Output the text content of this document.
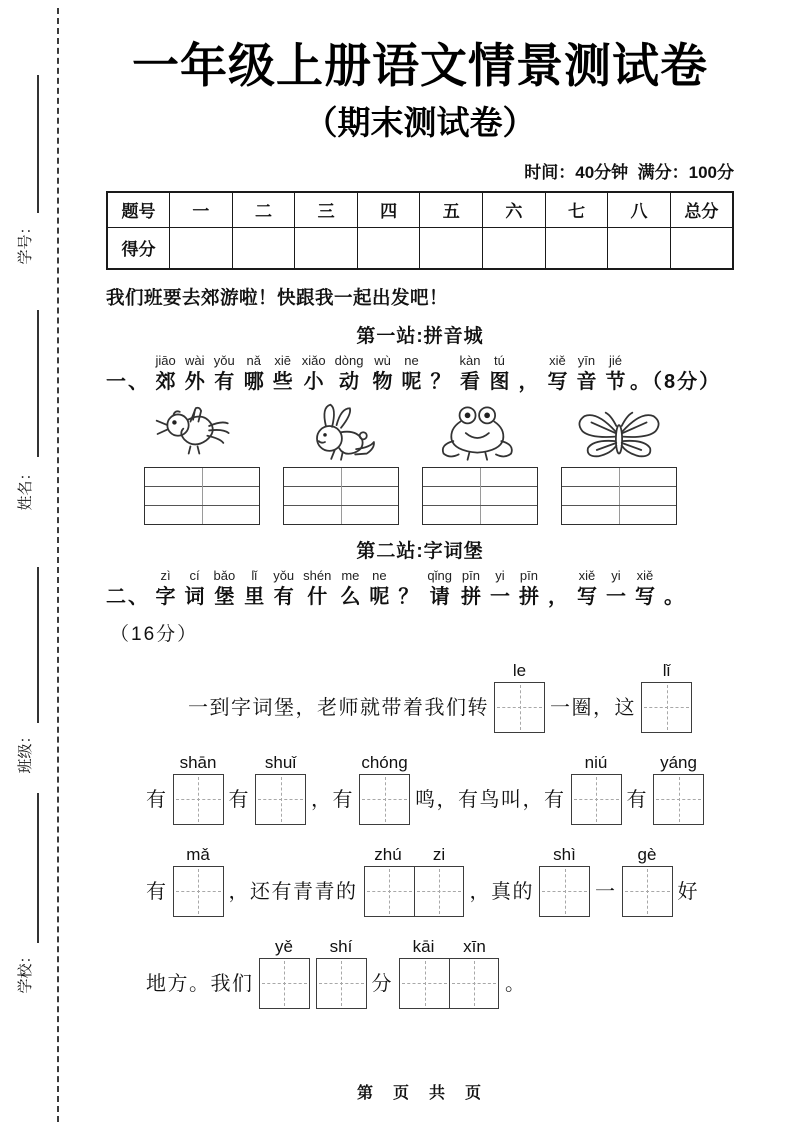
学号：
姓名：
班级：
学校：
一年级上册语文情景测试卷
（期末测试卷）
时间：40分钟  满分：100分
题号	一	二	三	四	五	六	七	八	总分
得分									
我们班要去郊游啦！快跟我一起出发吧！
第一站:拼音城
一、
jiāo
郊
wài
外
yǒu
有
nǎ
哪
xiē
些
xiǎo
小
dòng
动
wù
物
ne
呢
？
kàn
看
tú
图
，
xiě
写
yīn
音
jié
节 。（8分）
第二站:字词堡
二、
zì
字
cí
词
bǎo
堡
lǐ
里
yǒu
有
shén
什
me
么
ne
呢
？
qǐng
请
pīn
拼
yi
一
pīn
拼
，
xiě
写
yi
一
xiě
写
。
（16分）
一到字词堡，老师就带着我们转
le
一圈，这
lǐ
有
shān
有
shuǐ
，有
chóng
鸣，有鸟叫，有
niú
有
yáng
有
mǎ
，还有青青的
zhú	zi
，真的
shì
一
gè
好
地方。我们
yě	shí
分
kāi	xīn
。
第　页　共　页
